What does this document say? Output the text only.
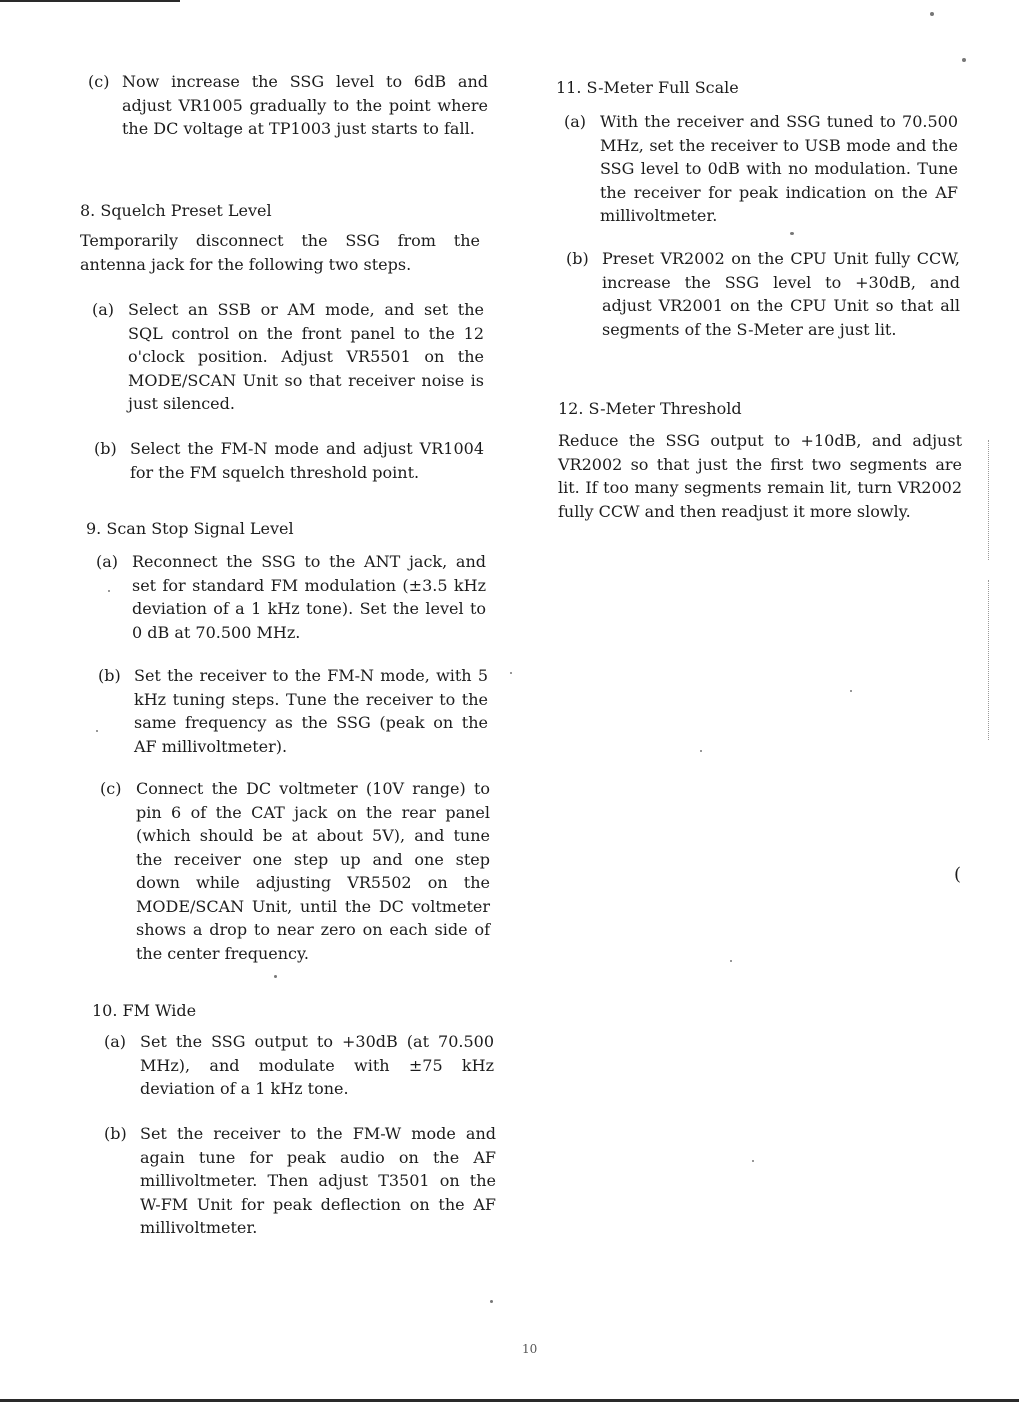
(c) Now increase the SSG level to 6dB and adjust VR1005 gradually to the point where the DC voltage at TP1003 just starts to fall.
8. Squelch Preset Level
Temporarily disconnect the SSG from the antenna jack for the following two steps.
(a) Select an SSB or AM mode, and set the SQL control on the front panel to the 12 o'clock position. Adjust VR5501 on the MODE/SCAN Unit so that receiver noise is just silenced.
(b) Select the FM-N mode and adjust VR1004 for the FM squelch threshold point.
9. Scan Stop Signal Level
(a) Reconnect the SSG to the ANT jack, and set for standard FM modulation (±3.5 kHz deviation of a 1 kHz tone). Set the level to 0 dB at 70.500 MHz.
(b) Set the receiver to the FM-N mode, with 5 kHz tuning steps. Tune the receiver to the same frequency as the SSG (peak on the AF millivoltmeter).
(c) Connect the DC voltmeter (10V range) to pin 6 of the CAT jack on the rear panel (which should be at about 5V), and tune the receiver one step up and one step down while adjusting VR5502 on the MODE/SCAN Unit, until the DC voltmeter shows a drop to near zero on each side of the center frequency.
10. FM Wide
(a) Set the SSG output to +30dB (at 70.500 MHz), and modulate with ±75 kHz deviation of a 1 kHz tone.
(b) Set the receiver to the FM-W mode and again tune for peak audio on the AF millivoltmeter. Then adjust T3501 on the W-FM Unit for peak deflection on the AF millivoltmeter.
11. S-Meter Full Scale
(a) With the receiver and SSG tuned to 70.500 MHz, set the receiver to USB mode and the SSG level to 0dB with no modulation. Tune the receiver for peak indication on the AF millivoltmeter.
(b) Preset VR2002 on the CPU Unit fully CCW, increase the SSG level to +30dB, and adjust VR2001 on the CPU Unit so that all segments of the S-Meter are just lit.
12. S-Meter Threshold
Reduce the SSG output to +10dB, and adjust VR2002 so that just the first two segments are lit. If too many segments remain lit, turn VR2002 fully CCW and then readjust it more slowly.
10
(
